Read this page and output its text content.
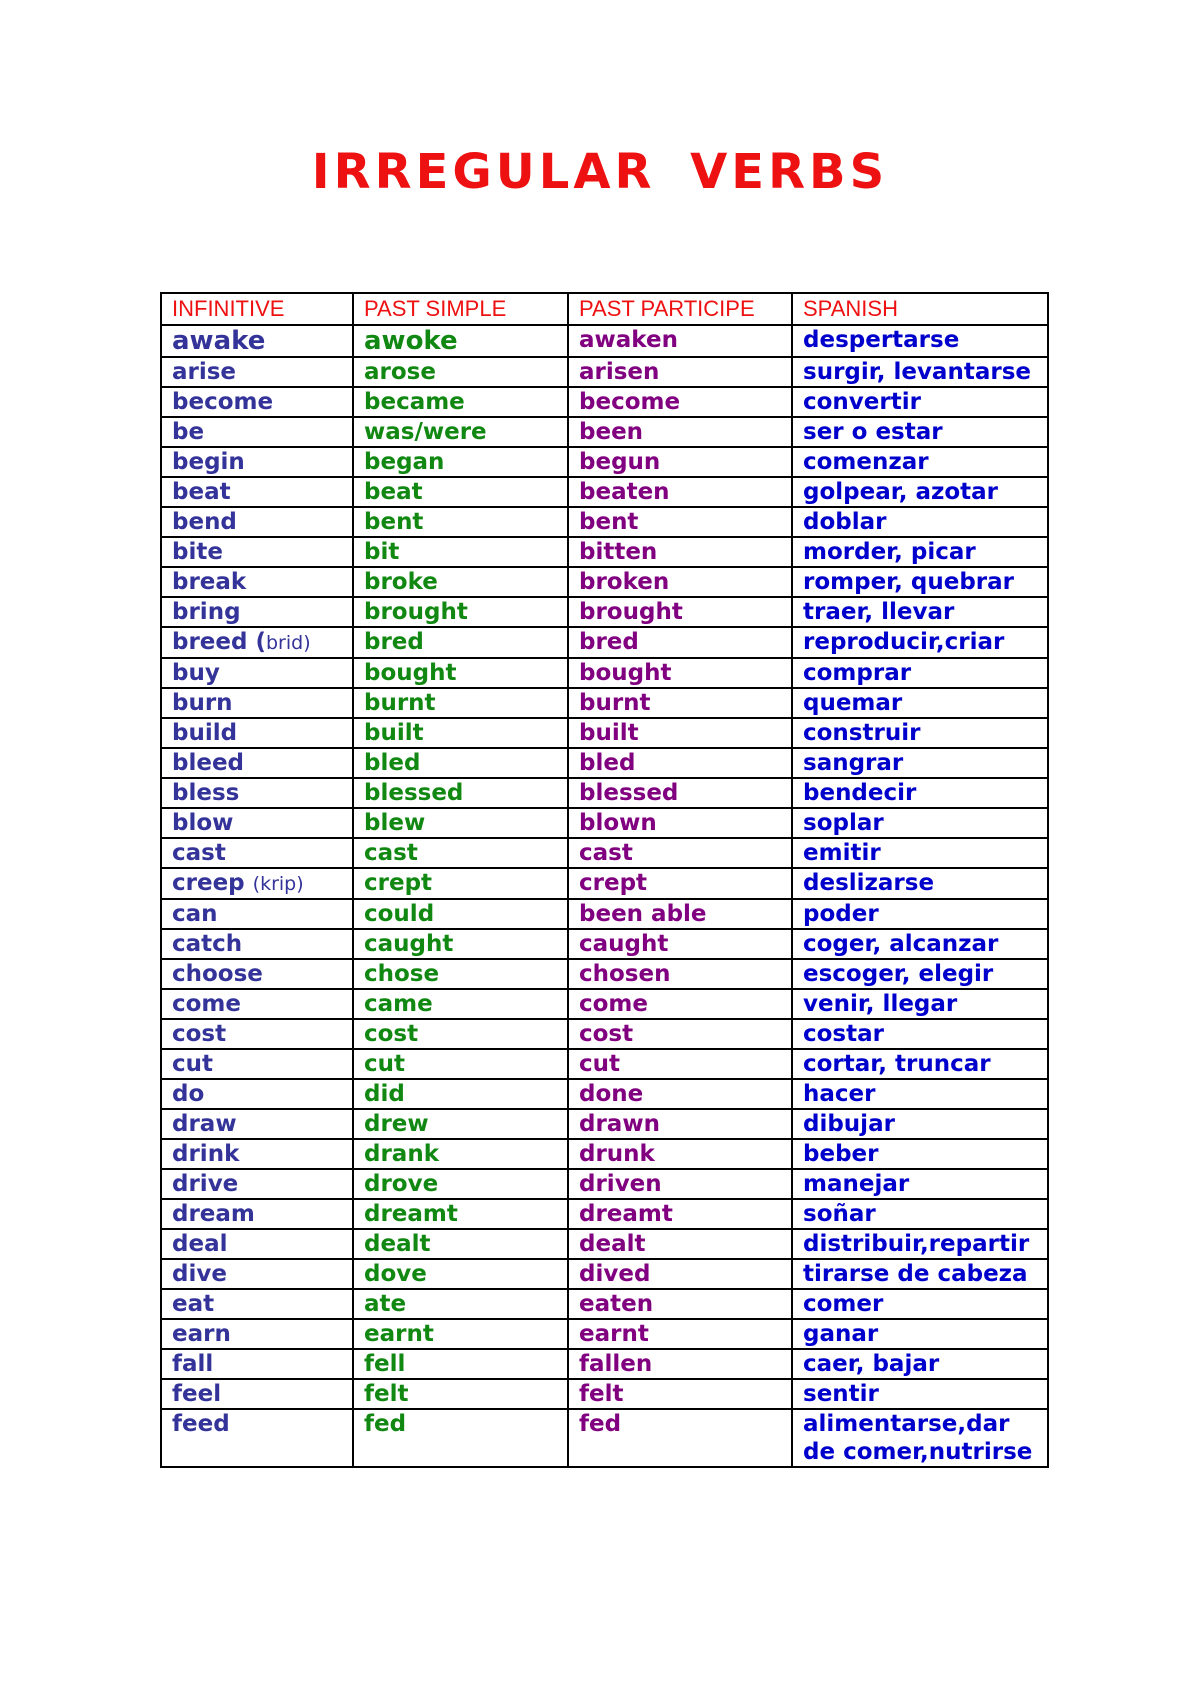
IRREGULAR VERBS
INFINITIVE	PAST SIMPLE	PAST PARTICIPE	SPANISH
awake	awoke	awaken	despertarse
arise	arose	arisen	surgir, levantarse
become	became	become	convertir
be	was/were	been	ser o estar
begin	began	begun	comenzar
beat	beat	beaten	golpear, azotar
bend	bent	bent	doblar
bite	bit	bitten	morder, picar
break	broke	broken	romper, quebrar
bring	brought	brought	traer, llevar
breed (brid)	bred	bred	reproducir,criar
buy	bought	bought	comprar
burn	burnt	burnt	quemar
build	built	built	construir
bleed	bled	bled	sangrar
bless	blessed	blessed	bendecir
blow	blew	blown	soplar
cast	cast	cast	emitir
creep (krip)	crept	crept	deslizarse
can	could	been able	poder
catch	caught	caught	coger, alcanzar
choose	chose	chosen	escoger, elegir
come	came	come	venir, llegar
cost	cost	cost	costar
cut	cut	cut	cortar, truncar
do	did	done	hacer
draw	drew	drawn	dibujar
drink	drank	drunk	beber
drive	drove	driven	manejar
dream	dreamt	dreamt	soñar
deal	dealt	dealt	distribuir,repartir
dive	dove	dived	tirarse de cabeza
eat	ate	eaten	comer
earn	earnt	earnt	ganar
fall	fell	fallen	caer, bajar
feel	felt	felt	sentir
feed	fed	fed	alimentarse,dar de comer,nutrirse
